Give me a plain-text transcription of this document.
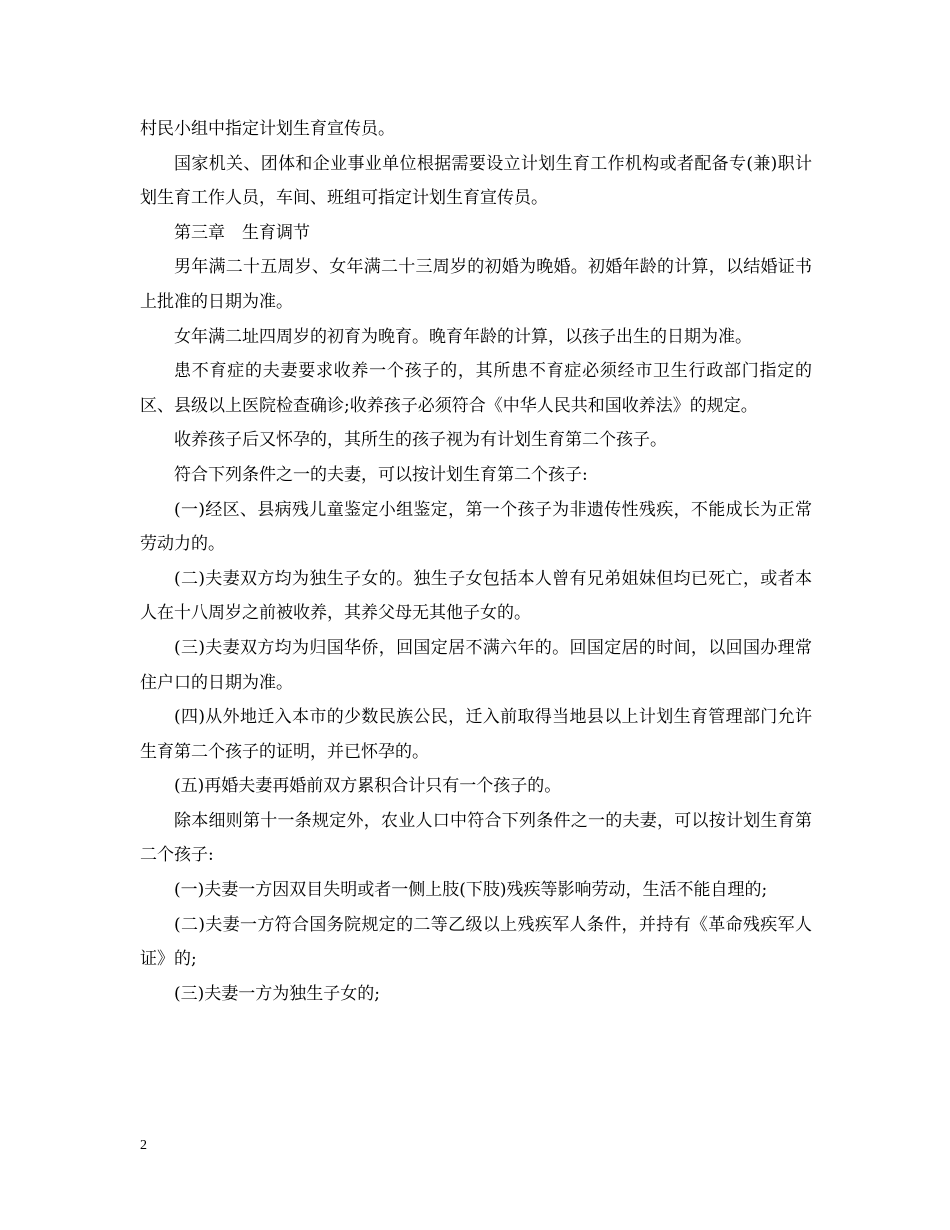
村民小组中指定计划生育宣传员。

国家机关、团体和企业事业单位根据需要设立计划生育工作机构或者配备专(兼)职计划生育工作人员，车间、班组可指定计划生育宣传员。

第三章　生育调节

男年满二十五周岁、女年满二十三周岁的初婚为晚婚。初婚年龄的计算，以结婚证书上批准的日期为准。

女年满二址四周岁的初育为晚育。晚育年龄的计算，以孩子出生的日期为准。

患不育症的夫妻要求收养一个孩子的，其所患不育症必须经市卫生行政部门指定的区、县级以上医院检查确诊;收养孩子必须符合《中华人民共和国收养法》的规定。

收养孩子后又怀孕的，其所生的孩子视为有计划生育第二个孩子。

符合下列条件之一的夫妻，可以按计划生育第二个孩子:

(一)经区、县病残儿童鉴定小组鉴定，第一个孩子为非遗传性残疾，不能成长为正常劳动力的。

(二)夫妻双方均为独生子女的。独生子女包括本人曾有兄弟姐妹但均已死亡，或者本人在十八周岁之前被收养，其养父母无其他子女的。

(三)夫妻双方均为归国华侨，回国定居不满六年的。回国定居的时间，以回国办理常住户口的日期为准。

(四)从外地迁入本市的少数民族公民，迁入前取得当地县以上计划生育管理部门允许生育第二个孩子的证明，并已怀孕的。

(五)再婚夫妻再婚前双方累积合计只有一个孩子的。

除本细则第十一条规定外，农业人口中符合下列条件之一的夫妻，可以按计划生育第二个孩子:

(一)夫妻一方因双目失明或者一侧上肢(下肢)残疾等影响劳动，生活不能自理的;

(二)夫妻一方符合国务院规定的二等乙级以上残疾军人条件，并持有《革命残疾军人证》的;

(三)夫妻一方为独生子女的;

2
